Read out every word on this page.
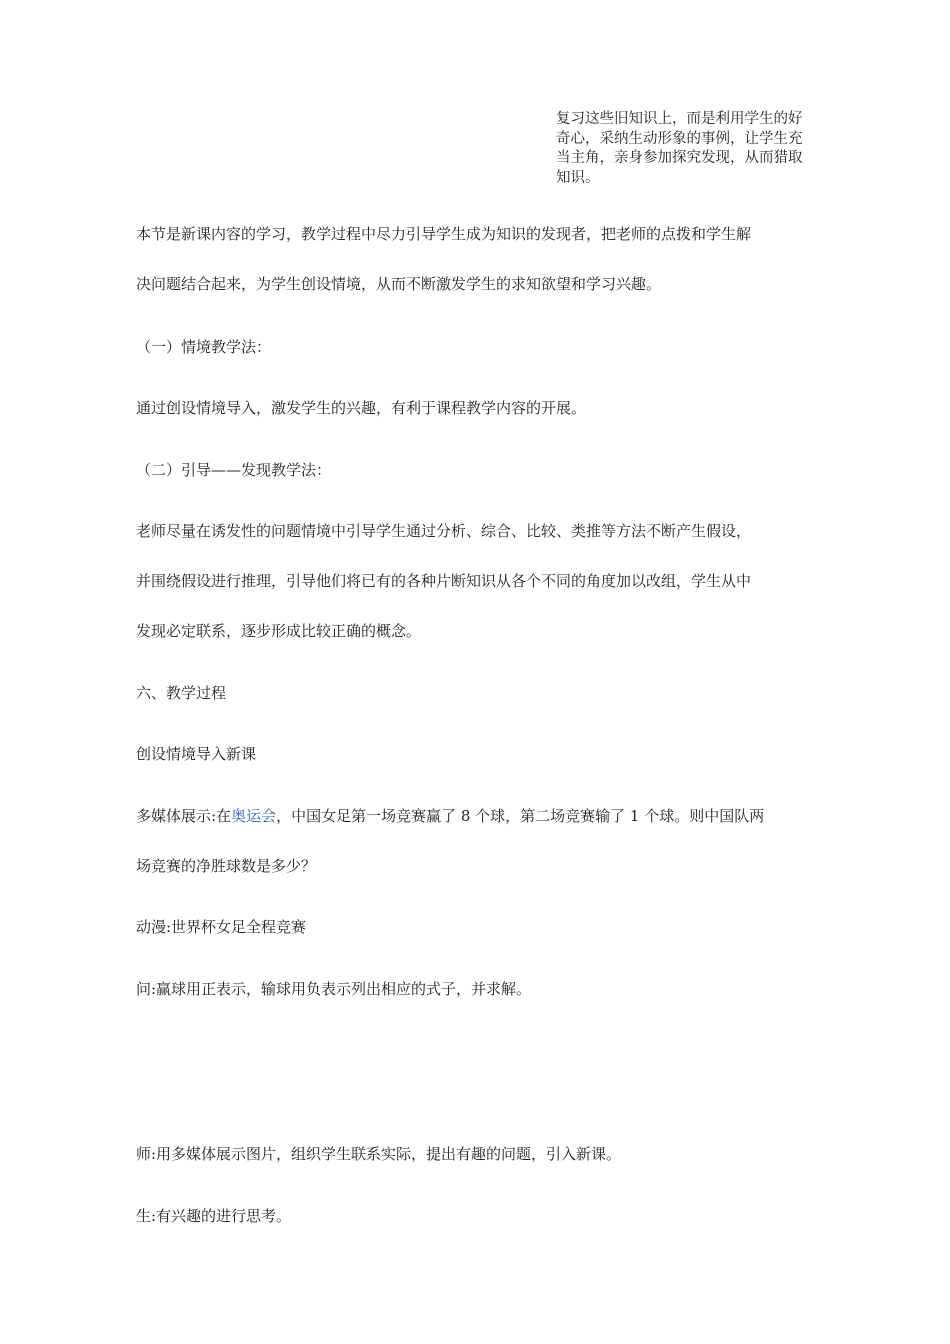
复习这些旧知识上，而是利用学生的好
奇心，采纳生动形象的事例，让学生充
当主角，亲身参加探究发现，从而猎取
知识。
本节是新课内容的学习，教学过程中尽力引导学生成为知识的发现者，把老师的点拨和学生解
决问题结合起来，为学生创设情境，从而不断激发学生的求知欲望和学习兴趣。
（一）情境教学法：
通过创设情境导入，激发学生的兴趣，有利于课程教学内容的开展。
（二）引导——发现教学法：
老师尽量在诱发性的问题情境中引导学生通过分析、综合、比较、类推等方法不断产生假设，
并围绕假设进行推理，引导他们将已有的各种片断知识从各个不同的角度加以改组，学生从中
发现必定联系，逐步形成比较正确的概念。
六、教学过程
创设情境导入新课
多媒体展示:在奥运会，中国女足第一场竞赛赢了 8 个球，第二场竞赛输了 1 个球。则中国队两
场竞赛的净胜球数是多少？
动漫:世界杯女足全程竞赛
问:赢球用正表示，输球用负表示列出相应的式子，并求解。
师:用多媒体展示图片，组织学生联系实际，提出有趣的问题，引入新课。
生:有兴趣的进行思考。
